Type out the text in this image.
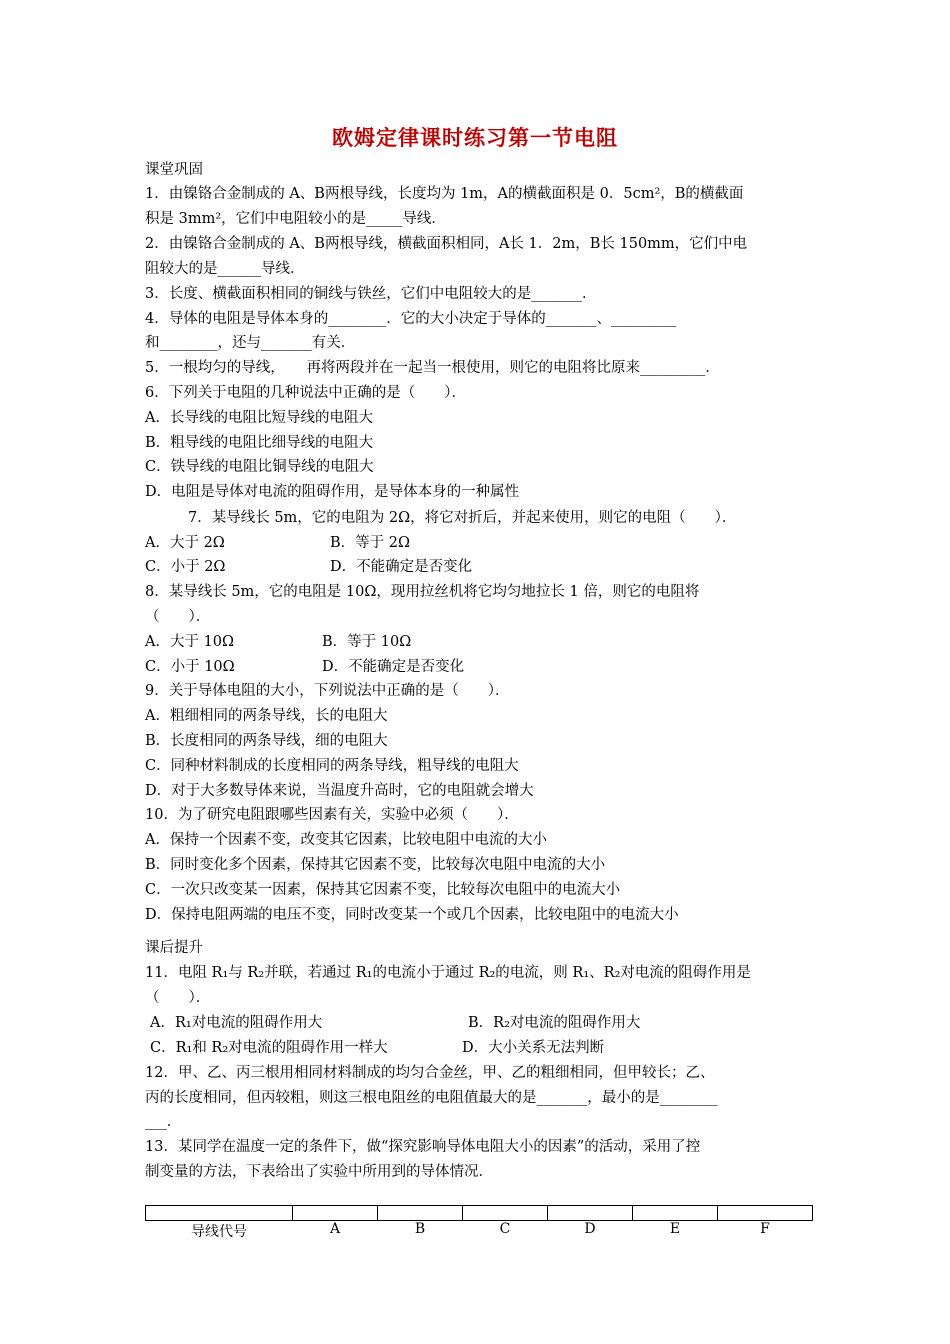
欧姆定律课时练习第一节电阻
课堂巩固
1．由镍铬合金制成的 A、B两根导线，长度均为 1m，A的横截面积是 0．5cm²，B的横截面
积是 3mm²，它们中电阻较小的是_____导线．
2．由镍铬合金制成的 A、B两根导线，横截面积相同，A长 1．2m，B长 150mm，它们中电
阻较大的是______导线．
3．长度、横截面积相同的铜线与铁丝，它们中电阻较大的是_______．
4．导体的电阻是导体本身的________．它的大小决定于导体的_______、_________
和________，还与_______有关．
5．一根均匀的导线，　　再将两段并在一起当一根使用，则它的电阻将比原来_________．
6．下列关于电阻的几种说法中正确的是（　　）．
A．长导线的电阻比短导线的电阻大
B．粗导线的电阻比细导线的电阻大
C．铁导线的电阻比铜导线的电阻大
D．电阻是导体对电流的阻碍作用，是导体本身的一种属性
7．某导线长 5m，它的电阻为 2Ω，将它对折后，并起来使用，则它的电阻（　　）．
A．大于 2Ω	B．等于 2Ω
C．小于 2Ω	D．不能确定是否变化
8．某导线长 5m，它的电阻是 10Ω，现用拉丝机将它均匀地拉长 1 倍，则它的电阻将
（　　）．
A．大于 10Ω	B．等于 10Ω
C．小于 10Ω	D．不能确定是否变化
9．关于导体电阻的大小，下列说法中正确的是（　　）．
A．粗细相同的两条导线，长的电阻大
B．长度相同的两条导线，细的电阻大
C．同种材料制成的长度相同的两条导线，粗导线的电阻大
D．对于大多数导体来说，当温度升高时，它的电阻就会增大
10．为了研究电阻跟哪些因素有关，实验中必须（　　）．
A．保持一个因素不变，改变其它因素，比较电阻中电流的大小
B．同时变化多个因素，保持其它因素不变，比较每次电阻中电流的大小
C．一次只改变某一因素，保持其它因素不变，比较每次电阻中的电流大小
D．保持电阻两端的电压不变，同时改变某一个或几个因素，比较电阻中的电流大小
课后提升
11．电阻 R₁与 R₂并联，若通过 R₁的电流小于通过 R₂的电流，则 R₁、R₂对电流的阻碍作用是
（　　）．
A．R₁对电流的阻碍作用大	B．R₂对电流的阻碍作用大
C．R₁和 R₂对电流的阻碍作用一样大	D．大小关系无法判断
12．甲、乙、丙三根用相同材料制成的均匀合金丝，甲、乙的粗细相同，但甲较长；乙、
丙的长度相同，但丙较粗，则这三根电阻丝的电阻值最大的是_______，最小的是________
___．
13．某同学在温度一定的条件下，做“探究影响导体电阻大小的因素”的活动，采用了控
制变量的方法，下表给出了实验中所用到的导体情况．

导线代号	A	B	C	D	E	F
